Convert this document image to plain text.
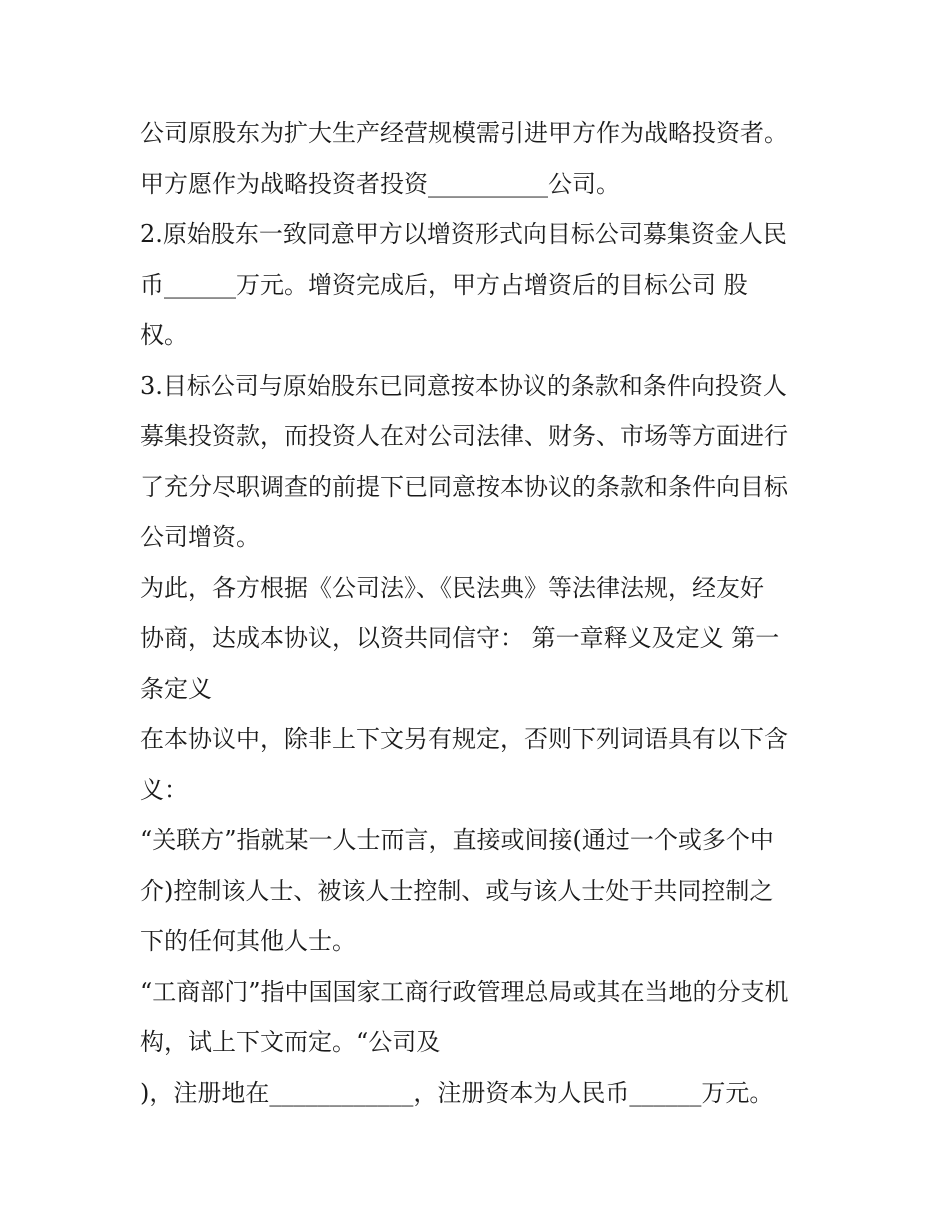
公司原股东为扩大生产经营规模需引进甲方作为战略投资者。
甲方愿作为战略投资者投资__________公司。
2.原始股东一致同意甲方以增资形式向目标公司募集资金人民
币______万元。增资完成后，甲方占增资后的目标公司 股
权。
3.目标公司与原始股东已同意按本协议的条款和条件向投资人
募集投资款，而投资人在对公司法律、财务、市场等方面进行
了充分尽职调查的前提下已同意按本协议的条款和条件向目标
公司增资。
为此，各方根据《公司法》、《民法典》等法律法规，经友好
协商，达成本协议，以资共同信守： 第一章释义及定义 第一
条定义
在本协议中，除非上下文另有规定，否则下列词语具有以下含
义：
“关联方”指就某一人士而言，直接或间接(通过一个或多个中
介)控制该人士、被该人士控制、或与该人士处于共同控制之
下的任何其他人士。
“工商部门”指中国国家工商行政管理总局或其在当地的分支机
构，试上下文而定。“公司及
)，注册地在____________，注册资本为人民币______万元。
